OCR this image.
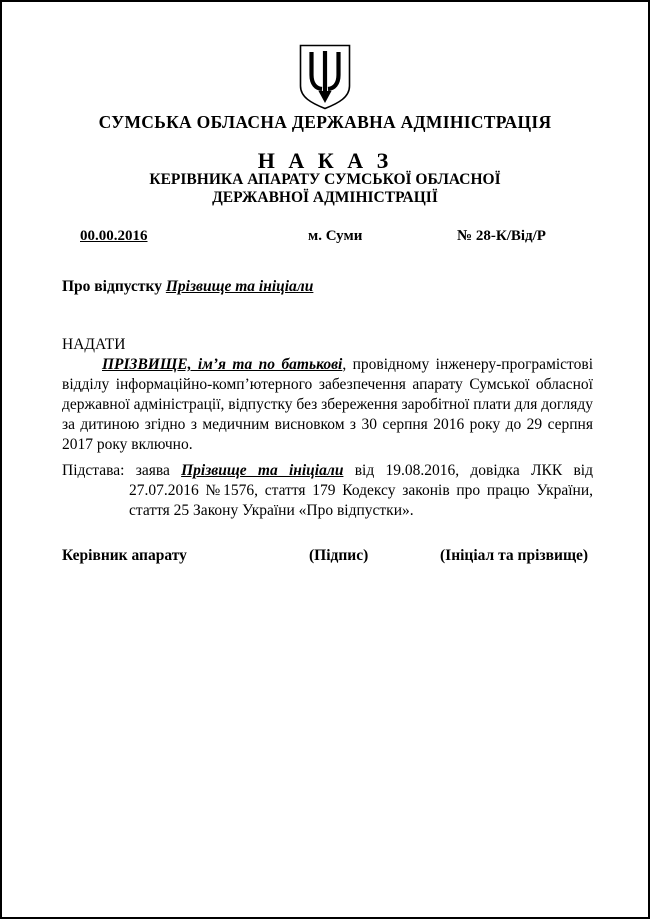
СУМСЬКА ОБЛАСНА ДЕРЖАВНА АДМІНІСТРАЦІЯ
Н А К А З
КЕРІВНИКА АПАРАТУ СУМСЬКОЇ ОБЛАСНОЇ
ДЕРЖАВНОЇ АДМІНІСТРАЦІЇ
00.00.2016	м. Суми	№ 28-К/Від/Р
Про відпустку Прізвище та ініціали
НАДАТИ

ПРІЗВИЩЕ, ім’я та по батькові, провідному інженеру-програмістові відділу інформаційно-комп’ютерного забезпечення апарату Сумської обласної державної адміністрації, відпустку без збереження заробітної плати для догляду за дитиною згідно з медичним висновком з 30 серпня 2016 року до 29 серпня 2017 року включно.

Підстава: заява Прізвище та ініціали від 19.08.2016, довідка ЛКК від 27.07.2016 №1576, стаття 179 Кодексу законів про працю України, стаття 25 Закону України «Про відпустки».

Керівник апарату	(Підпис)	(Ініціал та прізвище)
